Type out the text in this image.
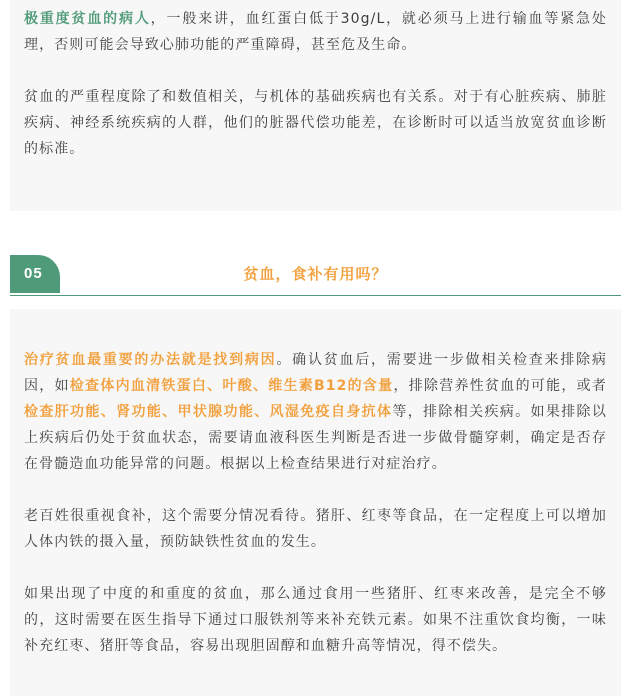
极重度贫血的病人，一般来讲，血红蛋白低于30g/L，就必须马上进行输血等紧急处理，否则可能会导致心肺功能的严重障碍，甚至危及生命。

贫血的严重程度除了和数值相关，与机体的基础疾病也有关系。对于有心脏疾病、肺脏疾病、神经系统疾病的人群，他们的脏器代偿功能差，在诊断时可以适当放宽贫血诊断的标准。

05	贫血，食补有用吗？

治疗贫血最重要的办法就是找到病因。确认贫血后，需要进一步做相关检查来排除病因，如检查体内血清铁蛋白、叶酸、维生素B12的含量，排除营养性贫血的可能，或者检查肝功能、肾功能、甲状腺功能、风湿免疫自身抗体等，排除相关疾病。如果排除以上疾病后仍处于贫血状态，需要请血液科医生判断是否进一步做骨髓穿刺，确定是否存在骨髓造血功能异常的问题。根据以上检查结果进行对症治疗。

老百姓很重视食补，这个需要分情况看待。猪肝、红枣等食品，在一定程度上可以增加人体内铁的摄入量，预防缺铁性贫血的发生。

如果出现了中度的和重度的贫血，那么通过食用一些猪肝、红枣来改善，是完全不够的，这时需要在医生指导下通过口服铁剂等来补充铁元素。如果不注重饮食均衡，一味补充红枣、猪肝等食品，容易出现胆固醇和血糖升高等情况，得不偿失。
